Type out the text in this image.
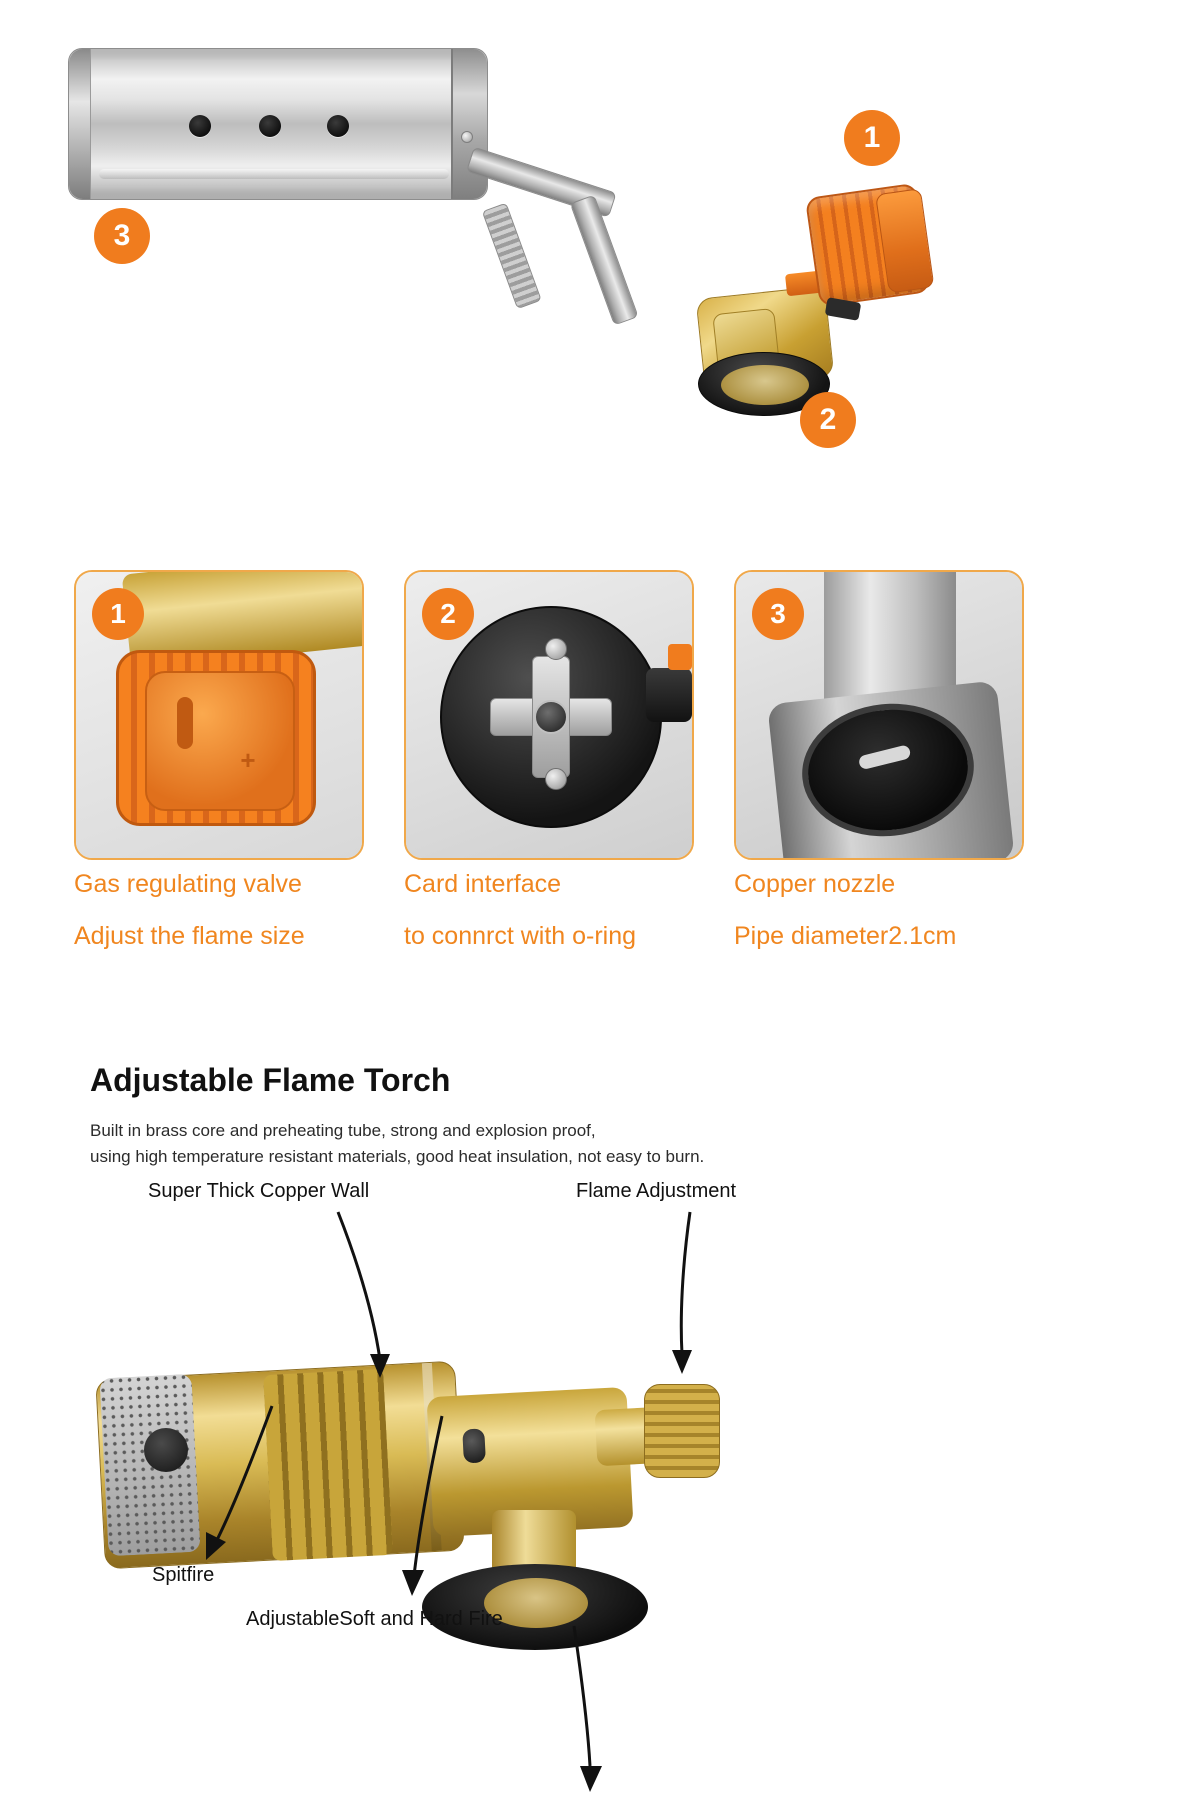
1
2
3
+
1	2	3
Gas regulating valve
Adjust the flame size
Card interface
to connrct with o-ring
Copper nozzle
Pipe diameter2.1cm
Adjustable Flame Torch
Built in brass core and preheating tube, strong and explosion proof,
using high temperature resistant materials, good heat insulation, not easy to burn.
Super Thick Copper Wall	Flame Adjustment
Spitfire
AdjustableSoft and Hard Fire
